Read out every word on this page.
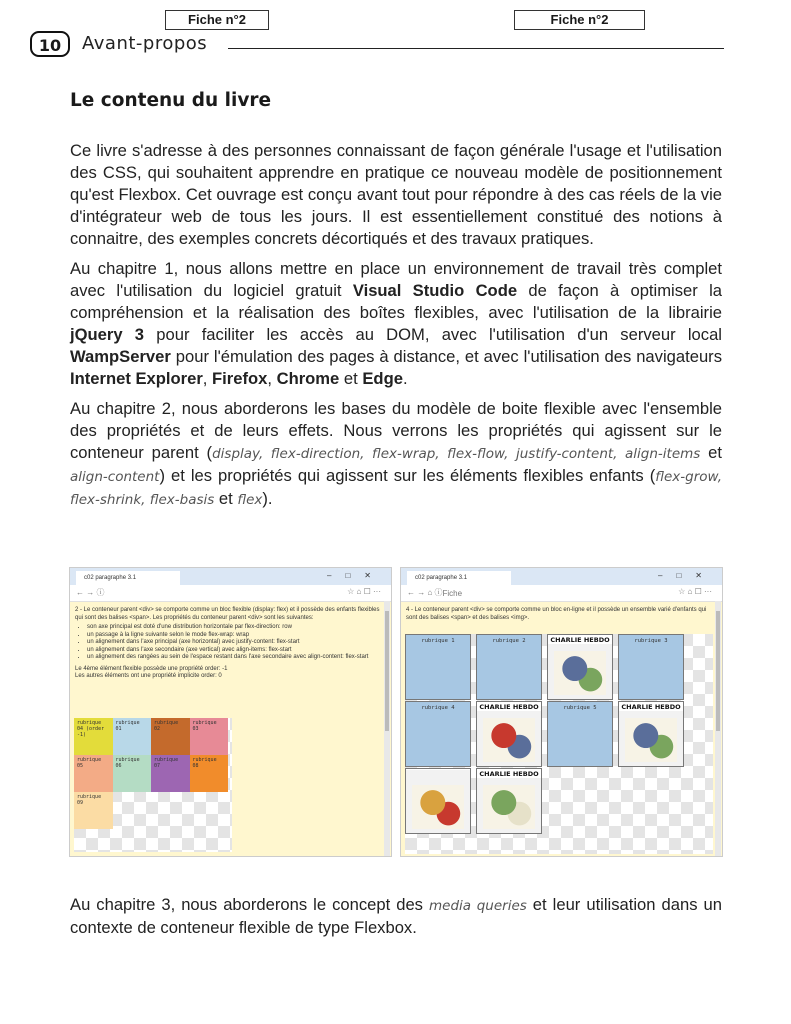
10	Avant-propos
Le contenu du livre

Ce livre s'adresse à des personnes connaissant de façon générale l'usage et l'utilisation des CSS, qui souhaitent apprendre en pratique ce nouveau modèle de positionnement qu'est Flexbox. Cet ouvrage est conçu avant tout pour répondre à des cas réels de la vie d'intégrateur web de tous les jours. Il est essentiellement constitué des notions à connaitre, des exemples concrets décortiqués et des travaux pratiques.

Au chapitre 1, nous allons mettre en place un environnement de travail très complet avec l'utilisation du logiciel gratuit Visual Studio Code de façon à optimiser la compréhension et la réalisation des boîtes flexibles, avec l'utilisation de la librairie jQuery 3 pour faciliter les accès au DOM, avec l'utilisation d'un serveur local WampServer pour l'émulation des pages à distance, et avec l'utilisation des navigateurs Internet Explorer, Firefox, Chrome et Edge.

Au chapitre 2, nous aborderons les bases du modèle de boite flexible avec l'ensemble des propriétés et de leurs effets. Nous verrons les propriétés qui agissent sur le conteneur parent (display, flex-direction, flex-wrap, flex-flow, justify-content, align-items et align-content) et les propriétés qui agissent sur les éléments flexibles enfants (flex-grow, flex-shrink, flex-basis et flex).

c02 paragraphe 3.1	–□✕
← → ⓘ	☆ ⌂ ☐ ···
2 - Le conteneur parent <div> se comporte comme un bloc flexible (display: flex) et il possède des enfants flexibles qui sont des balises <span>. Les propriétés du conteneur parent <div> sont les suivantes:
• son axe principal est doté d'une distribution horizontale par flex-direction: row
• un passage à la ligne suivante selon le mode flex-wrap: wrap
• un alignement dans l'axe principal (axe horizontal) avec justify-content: flex-start
• un alignement dans l'axe secondaire (axe vertical) avec align-items: flex-start
• un alignement des rangées au sein de l'espace restant dans l'axe secondaire avec align-content: flex-start
Le 4ème élément flexible possède une propriété order: -1
Les autres éléments ont une propriété implicite order: 0
rubrique 04 (order -1)
rubrique 01
rubrique 02
rubrique 03
rubrique 05
rubrique 06
rubrique 07
rubrique 08
rubrique 09
Fiche n°2
c02 paragraphe 3.1	–□✕
← → ⌂ ⓘ Fiche	☆ ⌂ ☐ ···
4 - Le conteneur parent <div> se comporte comme un bloc en-ligne et il possède un ensemble varié d'enfants qui sont des balises <span> et des balises <img>.
rubrique 1	rubrique 2	CHARLIE HEBDO	rubrique 3
rubrique 4	CHARLIE HEBDO	rubrique 5	CHARLIE HEBDO
CHARLIE HEBDO
Fiche n°2
Au chapitre 3, nous aborderons le concept des media queries et leur utilisation dans un contexte de conteneur flexible de type Flexbox.
